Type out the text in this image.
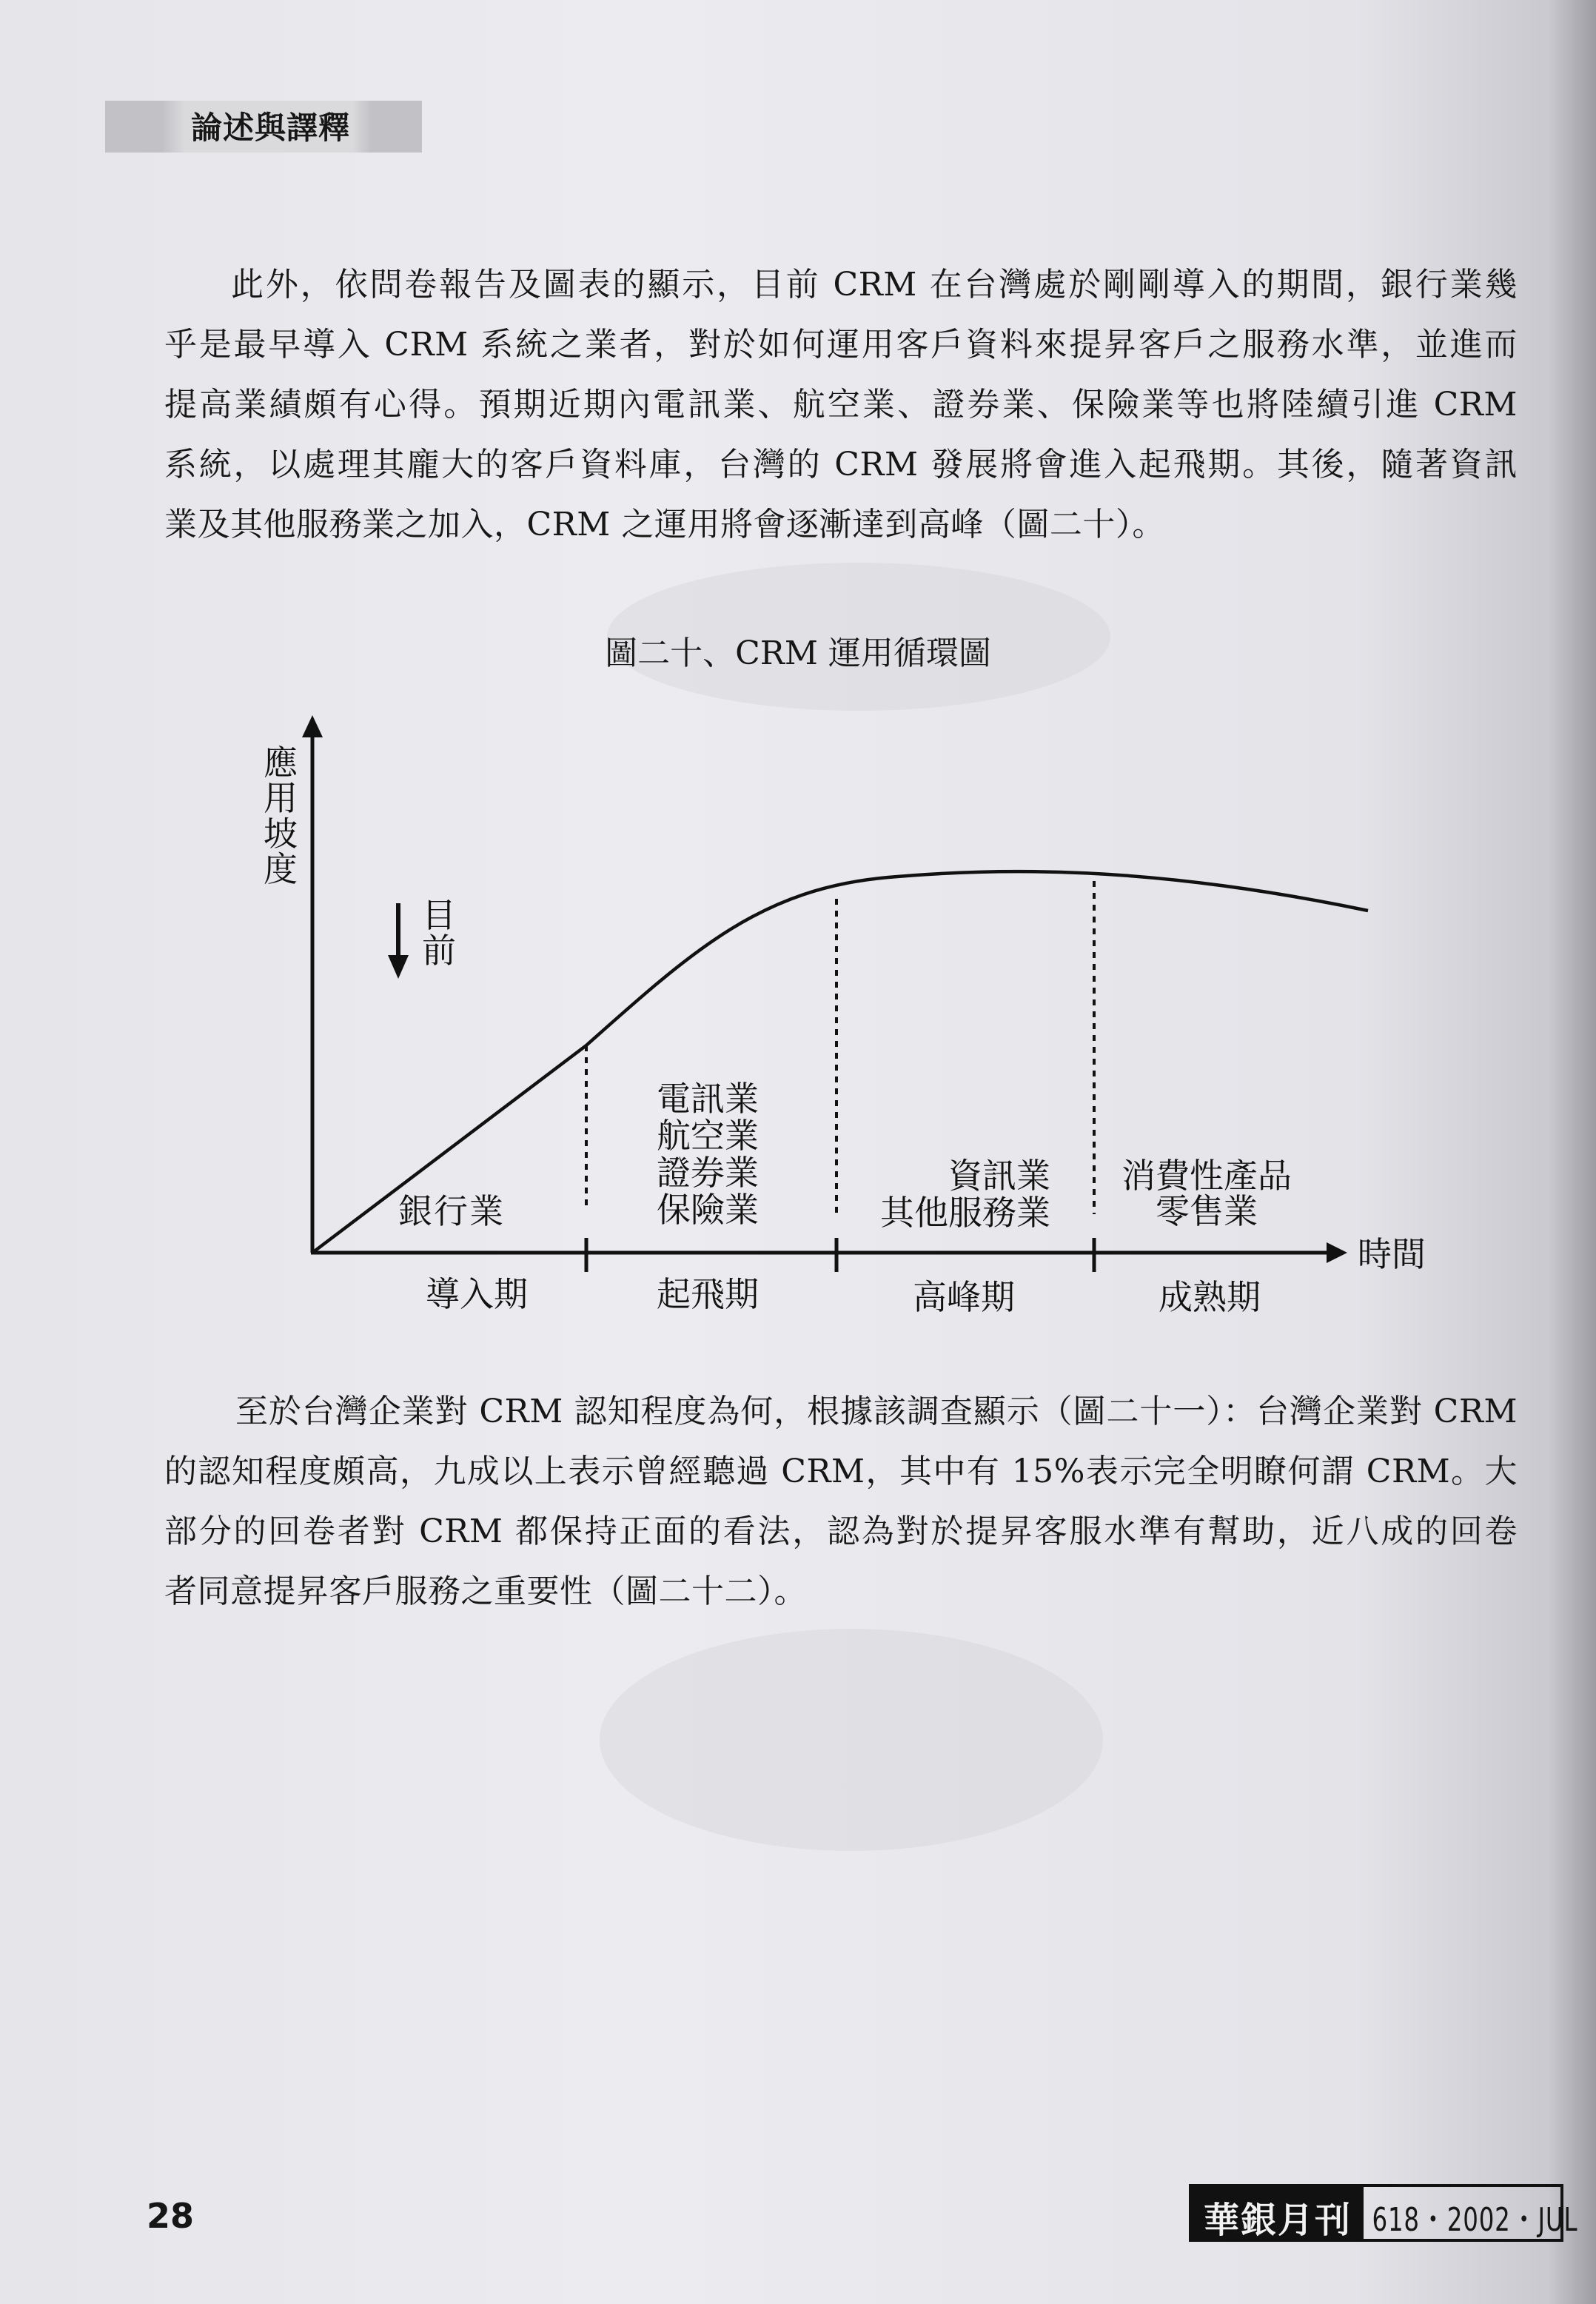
論述與譯釋

此外，依問卷報告及圖表的顯示，目前 CRM 在台灣處於剛剛導入的期間，銀行業幾
乎是最早導入 CRM 系統之業者，對於如何運用客戶資料來提昇客戶之服務水準，並進而
提高業績頗有心得。預期近期內電訊業、航空業、證券業、保險業等也將陸續引進 CRM
系統，以處理其龐大的客戶資料庫，台灣的 CRM 發展將會進入起飛期。其後，隨著資訊
業及其他服務業之加入，CRM 之運用將會逐漸達到高峰（圖二十）。

圖二十、CRM 運用循環圖
應用坡度
目前
銀行業
電訊業
航空業
證券業
保險業
資訊業
其他服務業
消費性產品
零售業
導入期	起飛期	高峰期	成熟期
時間

至於台灣企業對 CRM 認知程度為何，根據該調查顯示（圖二十一）：台灣企業對 CRM
的認知程度頗高，九成以上表示曾經聽過 CRM，其中有 15%表示完全明瞭何謂 CRM。大
部分的回卷者對 CRM 都保持正面的看法，認為對於提昇客服水準有幫助，近八成的回卷
者同意提昇客戶服務之重要性（圖二十二）。

28	華銀月刊 618・2002・JUL
